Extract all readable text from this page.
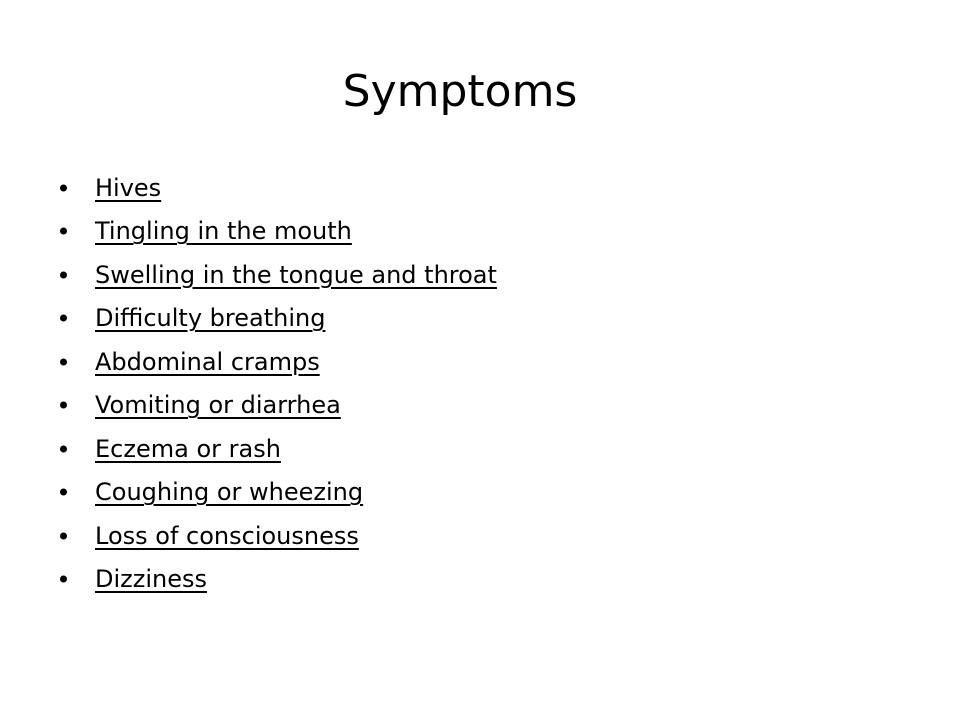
Symptoms
Hives
Tingling in the mouth
Swelling in the tongue and throat
Difficulty breathing
Abdominal cramps
Vomiting or diarrhea
Eczema or rash
Coughing or wheezing
Loss of consciousness
Dizziness
